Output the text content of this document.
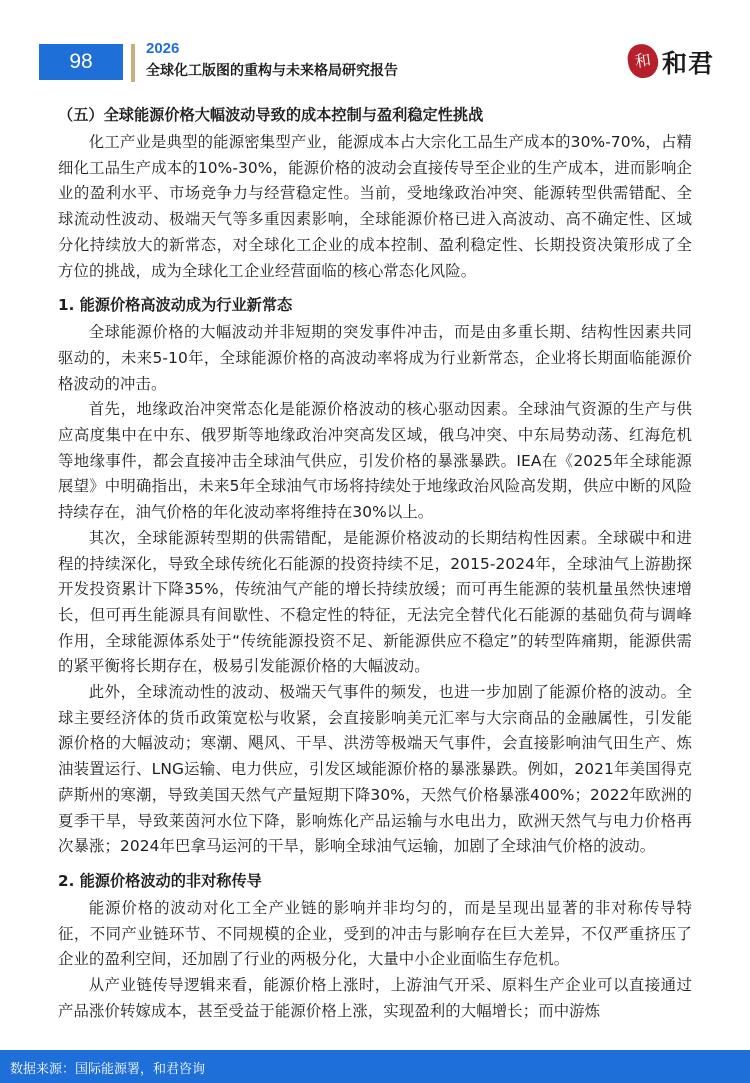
98
2026
全球化工版图的重构与未来格局研究报告	和 和君
（五）全球能源价格大幅波动导致的成本控制与盈利稳定性挑战

化工产业是典型的能源密集型产业，能源成本占大宗化工品生产成本的30%-70%，占精细化工品生产成本的10%-30%，能源价格的波动会直接传导至企业的生产成本，进而影响企业的盈利水平、市场竞争力与经营稳定性。当前，受地缘政治冲突、能源转型供需错配、全球流动性波动、极端天气等多重因素影响，全球能源价格已进入高波动、高不确定性、区域分化持续放大的新常态，对全球化工企业的成本控制、盈利稳定性、长期投资决策形成了全方位的挑战，成为全球化工企业经营面临的核心常态化风险。

1. 能源价格高波动成为行业新常态

全球能源价格的大幅波动并非短期的突发事件冲击，而是由多重长期、结构性因素共同驱动的，未来5-10年，全球能源价格的高波动率将成为行业新常态，企业将长期面临能源价格波动的冲击。

首先，地缘政治冲突常态化是能源价格波动的核心驱动因素。全球油气资源的生产与供应高度集中在中东、俄罗斯等地缘政治冲突高发区域，俄乌冲突、中东局势动荡、红海危机等地缘事件，都会直接冲击全球油气供应，引发价格的暴涨暴跌。IEA在《2025年全球能源展望》中明确指出，未来5年全球油气市场将持续处于地缘政治风险高发期，供应中断的风险持续存在，油气价格的年化波动率将维持在30%以上。

其次，全球能源转型期的供需错配，是能源价格波动的长期结构性因素。全球碳中和进程的持续深化，导致全球传统化石能源的投资持续不足，2015-2024年，全球油气上游勘探开发投资累计下降35%，传统油气产能的增长持续放缓；而可再生能源的装机量虽然快速增长，但可再生能源具有间歇性、不稳定性的特征，无法完全替代化石能源的基础负荷与调峰作用，全球能源体系处于“传统能源投资不足、新能源供应不稳定”的转型阵痛期，能源供需的紧平衡将长期存在，极易引发能源价格的大幅波动。

此外，全球流动性的波动、极端天气事件的频发，也进一步加剧了能源价格的波动。全球主要经济体的货币政策宽松与收紧，会直接影响美元汇率与大宗商品的金融属性，引发能源价格的大幅波动；寒潮、飓风、干旱、洪涝等极端天气事件，会直接影响油气田生产、炼油装置运行、LNG运输、电力供应，引发区域能源价格的暴涨暴跌。例如，2021年美国得克萨斯州的寒潮，导致美国天然气产量短期下降30%，天然气价格暴涨400%；2022年欧洲的夏季干旱，导致莱茵河水位下降，影响炼化产品运输与水电出力，欧洲天然气与电力价格再次暴涨；2024年巴拿马运河的干旱，影响全球油气运输，加剧了全球油气价格的波动。

2. 能源价格波动的非对称传导

能源价格的波动对化工全产业链的影响并非均匀的，而是呈现出显著的非对称传导特征，不同产业链环节、不同规模的企业，受到的冲击与影响存在巨大差异，不仅严重挤压了企业的盈利空间，还加剧了行业的两极分化，大量中小企业面临生存危机。

从产业链传导逻辑来看，能源价格上涨时，上游油气开采、原料生产企业可以直接通过产品涨价转嫁成本，甚至受益于能源价格上涨，实现盈利的大幅增长；而中游炼

数据来源：国际能源署，和君咨询
